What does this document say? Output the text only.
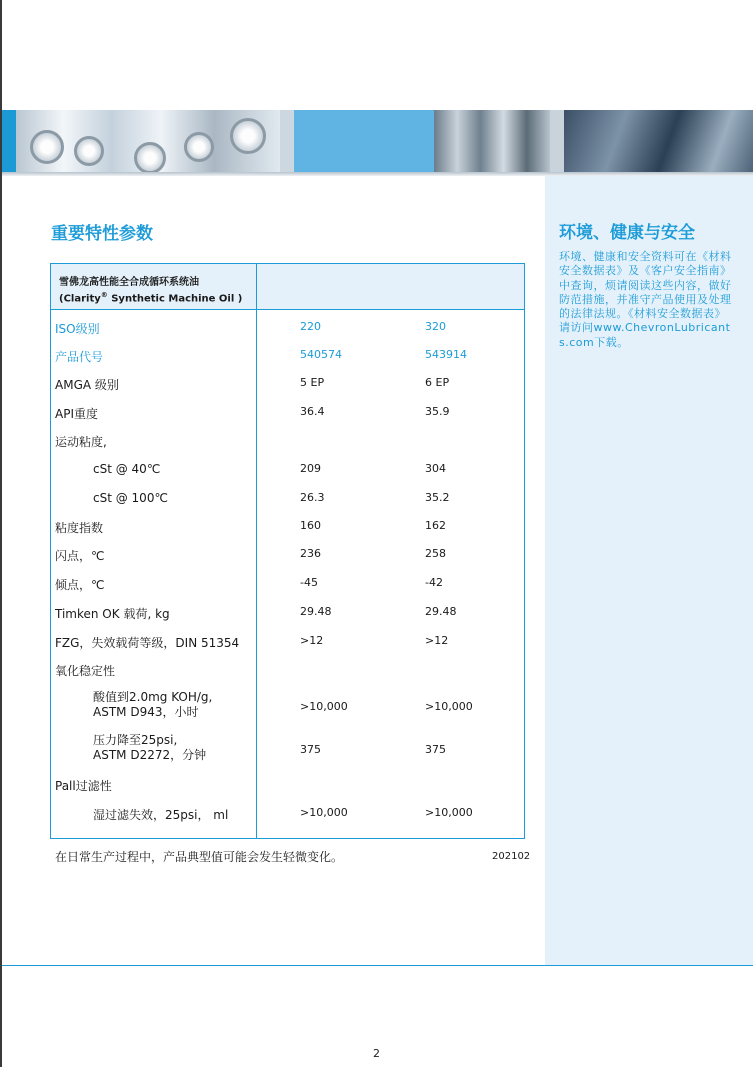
重要特性参数
雪佛龙高性能全合成循环系统油
(Clarity® Synthetic Machine Oil )
ISO级别	220	320
产品代号	540574	543914
AMGA 级别	5 EP	6 EP
API重度	36.4	35.9
运动粘度,
cSt @ 40℃	209	304
cSt @ 100℃	26.3	35.2
粘度指数	160	162
闪点，℃	236	258
倾点，℃	-45	-42
Timken OK 载荷, kg	29.48	29.48
FZG，失效载荷等级，DIN 51354	>12	>12
氧化稳定性
酸值到2.0mg KOH/g,
ASTM D943，小时	>10,000	>10,000
压力降至25psi,
ASTM D2272，分钟	375	375
Pall过滤性
湿过滤失效，25psi， ml	>10,000	>10,000
在日常生产过程中，产品典型值可能会发生轻微变化。	202102
环境、健康与安全
环境、健康和安全资料可在《材料安全数据表》及《客户安全指南》中查询，烦请阅读这些内容，做好防范措施，并准守产品使用及处理的法律法规。《材料安全数据表》请访问www.ChevronLubricants.com下载。
2
